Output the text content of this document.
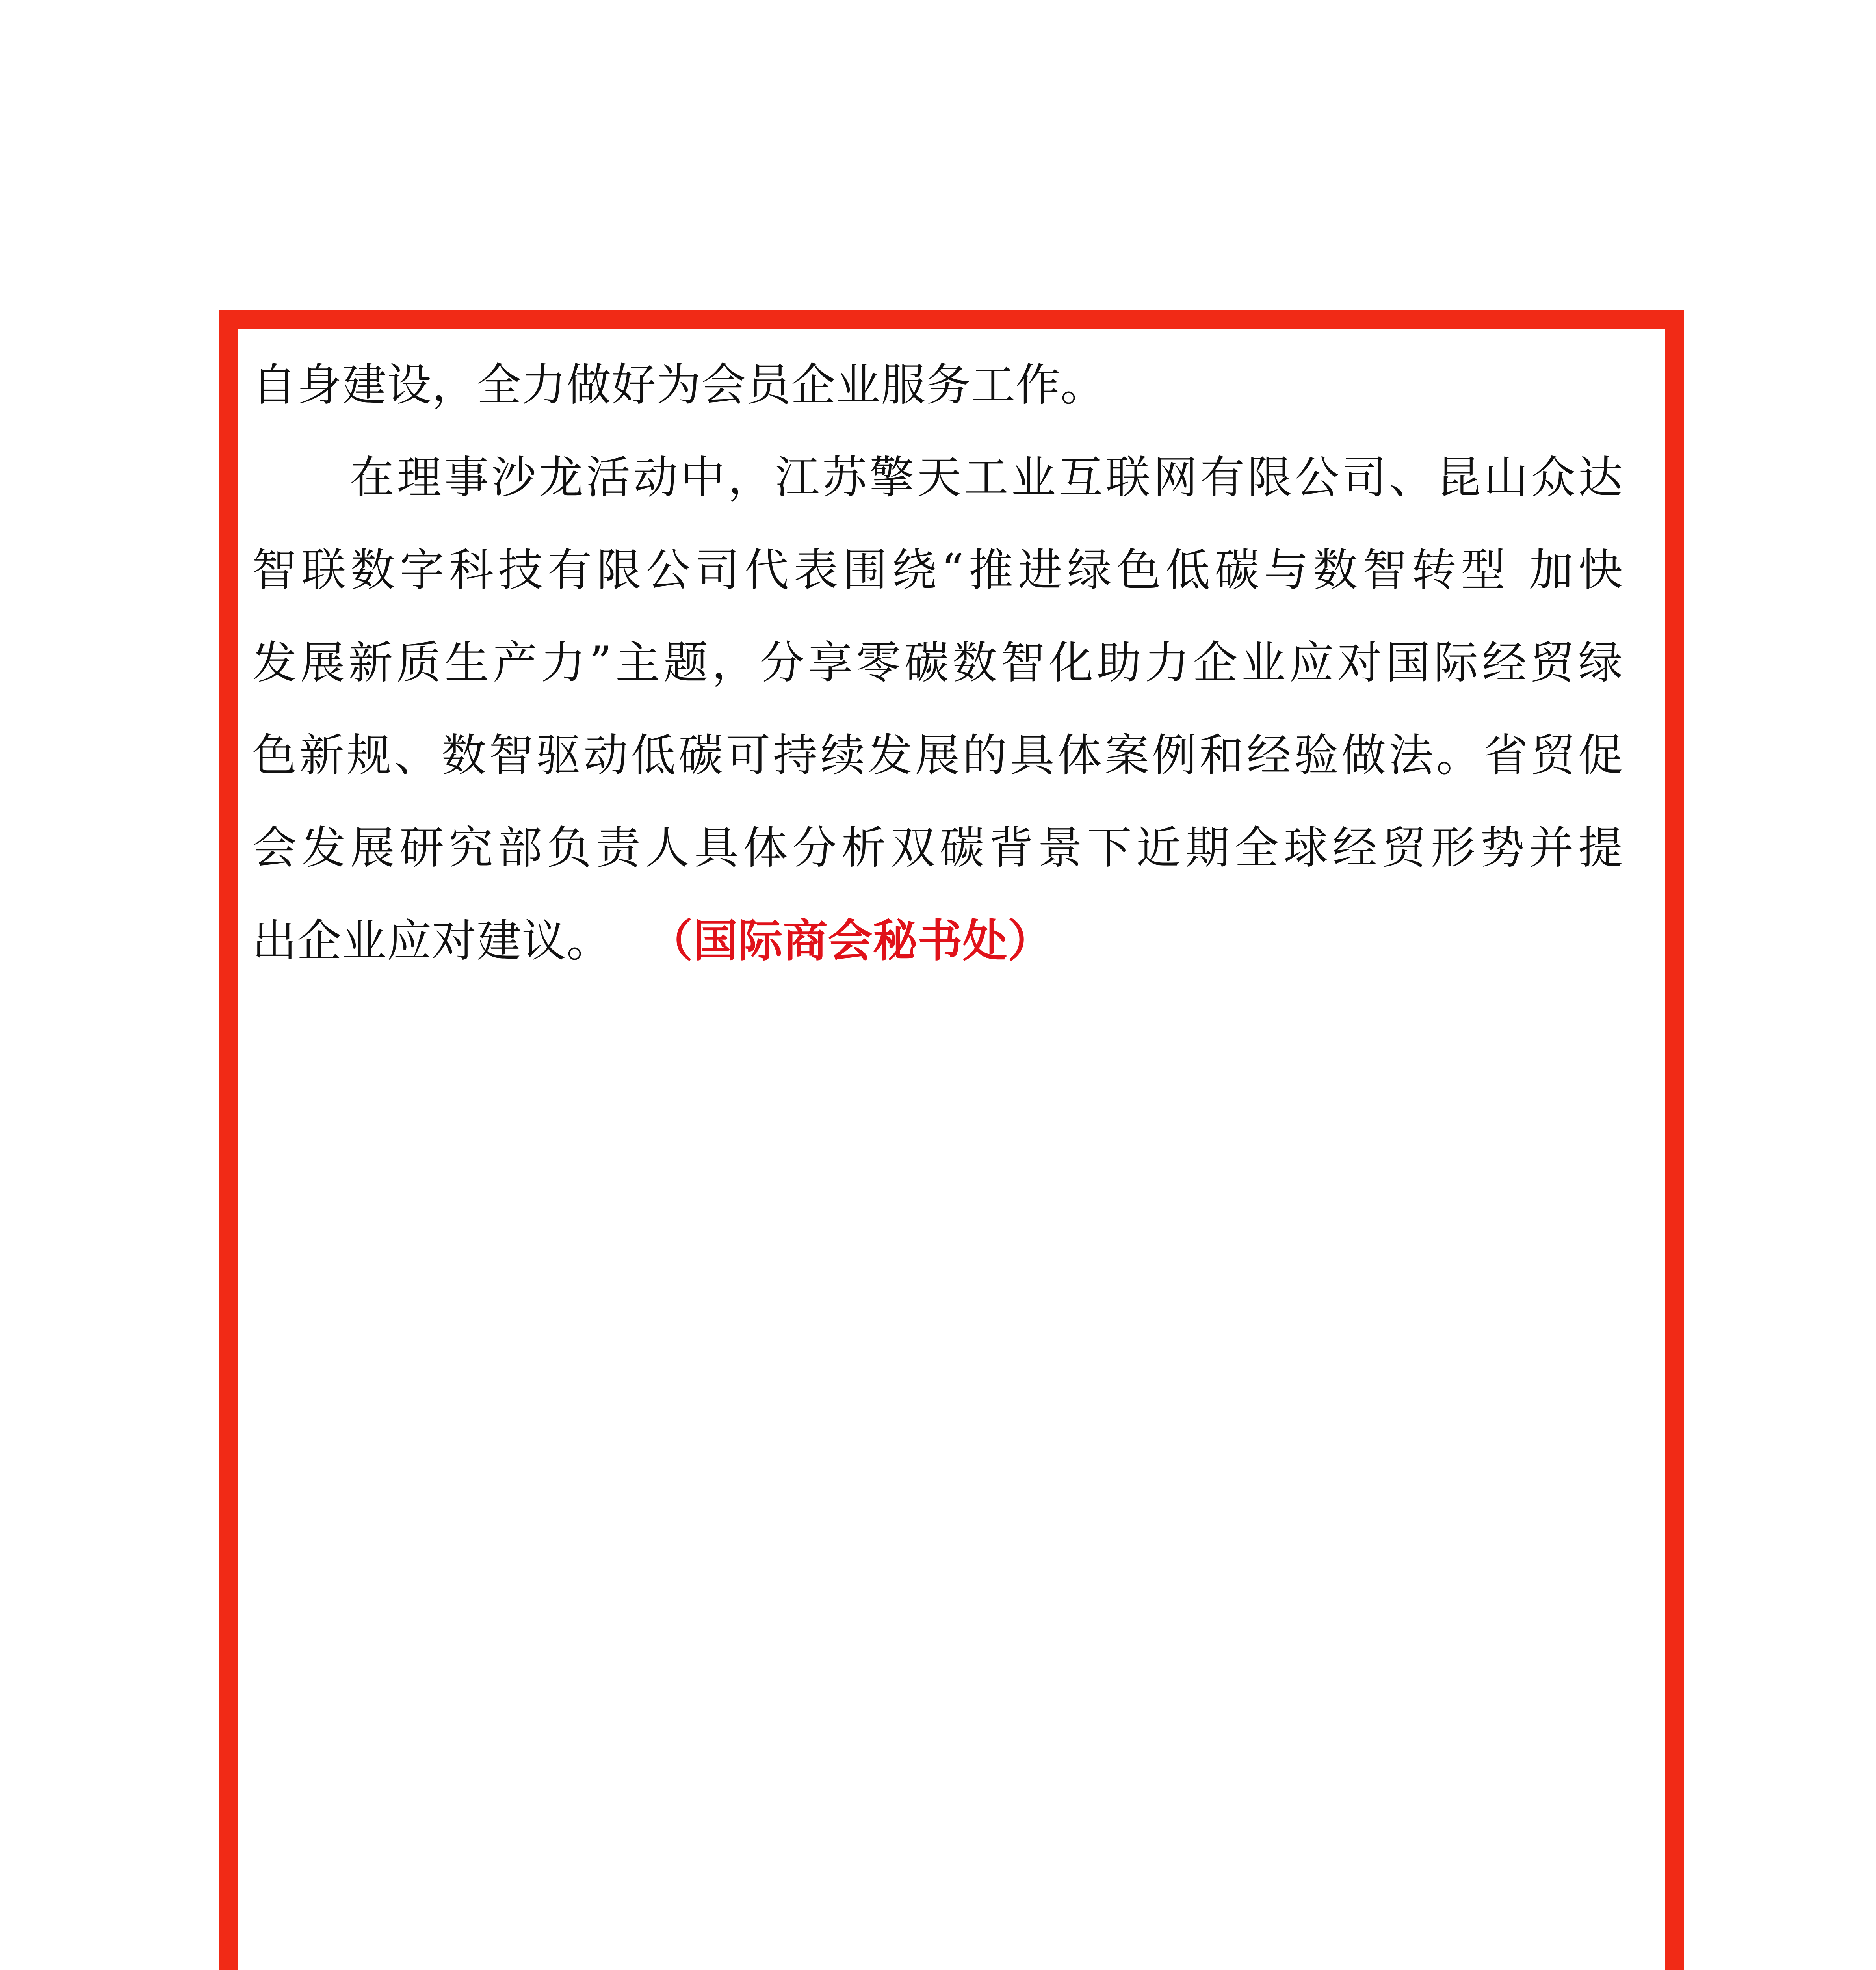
自身建设，全力做好为会员企业服务工作。
在理事沙龙活动中，江苏擎天工业互联网有限公司、昆山众达
智联数字科技有限公司代表围绕“推进绿色低碳与数智转型 加快
发展新质生产力”主题，分享零碳数智化助力企业应对国际经贸绿
色新规、数智驱动低碳可持续发展的具体案例和经验做法。省贸促
会发展研究部负责人具体分析双碳背景下近期全球经贸形势并提
出企业应对建议。 （国际商会秘书处）
